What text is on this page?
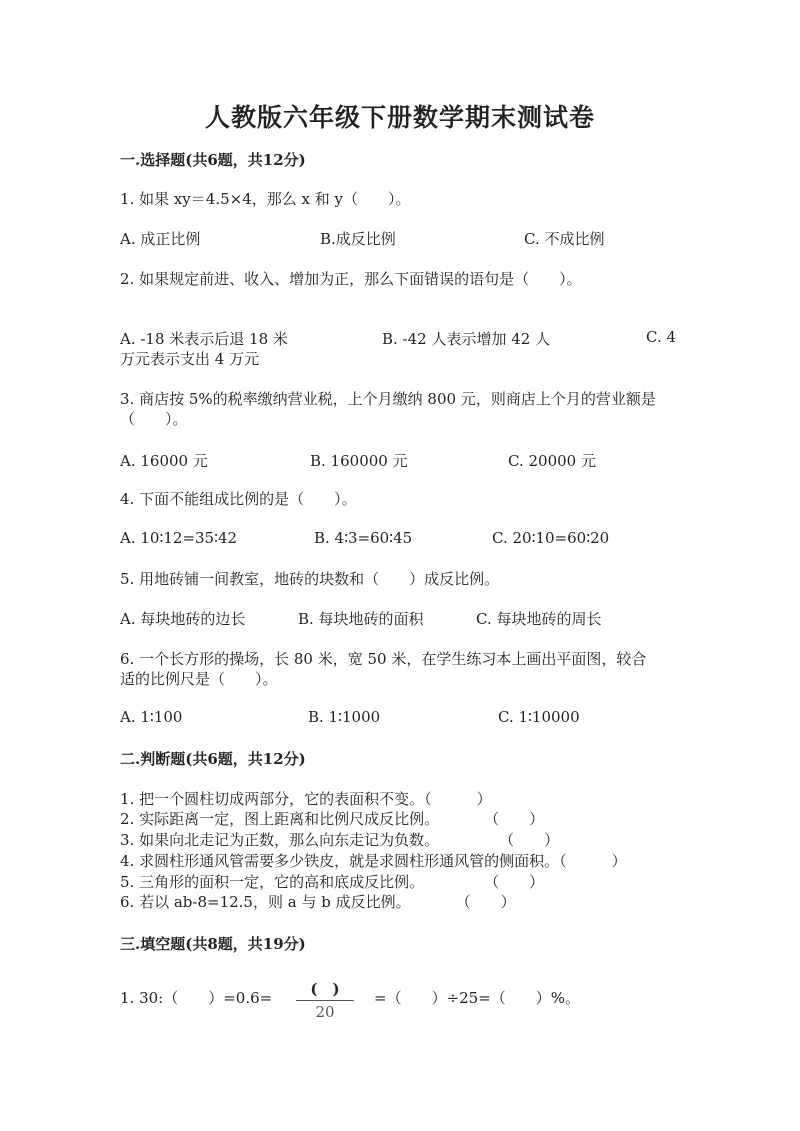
人教版六年级下册数学期末测试卷
一.选择题(共6题，共12分)
1. 如果 xy＝4.5×4，那么 x 和 y（　　）。
A. 成正比例	B.成反比例	C. 不成比例
2. 如果规定前进、收入、增加为正，那么下面错误的语句是（　　）。
A. -18 米表示后退 18 米	B. -42 人表示增加 42 人	C. 4
万元表示支出 4 万元
3. 商店按 5%的税率缴纳营业税，上个月缴纳 800 元，则商店上个月的营业额是
（　　）。
A. 16000 元	B. 160000 元	C. 20000 元
4. 下面不能组成比例的是（　　）。
A. 10∶12=35∶42	B. 4∶3=60∶45	C. 20∶10=60∶20
5. 用地砖铺一间教室，地砖的块数和（　　）成反比例。
A. 每块地砖的边长	B. 每块地砖的面积	C. 每块地砖的周长
6. 一个长方形的操场，长 80 米，宽 50 米，在学生练习本上画出平面图，较合
适的比例尺是（　　）。
A. 1∶100	B. 1∶1000	C. 1∶10000
二.判断题(共6题，共12分)
1. 把一个圆柱切成两部分，它的表面积不变。（　　　）
2. 实际距离一定，图上距离和比例尺成反比例。　　　　（　　）
3. 如果向北走记为正数，那么向东走记为负数。　　　　　（　　）
4. 求圆柱形通风管需要多少铁皮，就是求圆柱形通风管的侧面积。（　　　）
5. 三角形的面积一定，它的高和底成反比例。　　　　　（　　）
6. 若以 ab-8=12.5，则 a 与 b 成反比例。　　　　（　　）
三.填空题(共8题，共19分)
1. 30:（　　）=0.6=	(　)
20
=（　　）÷25=（　　）%。
